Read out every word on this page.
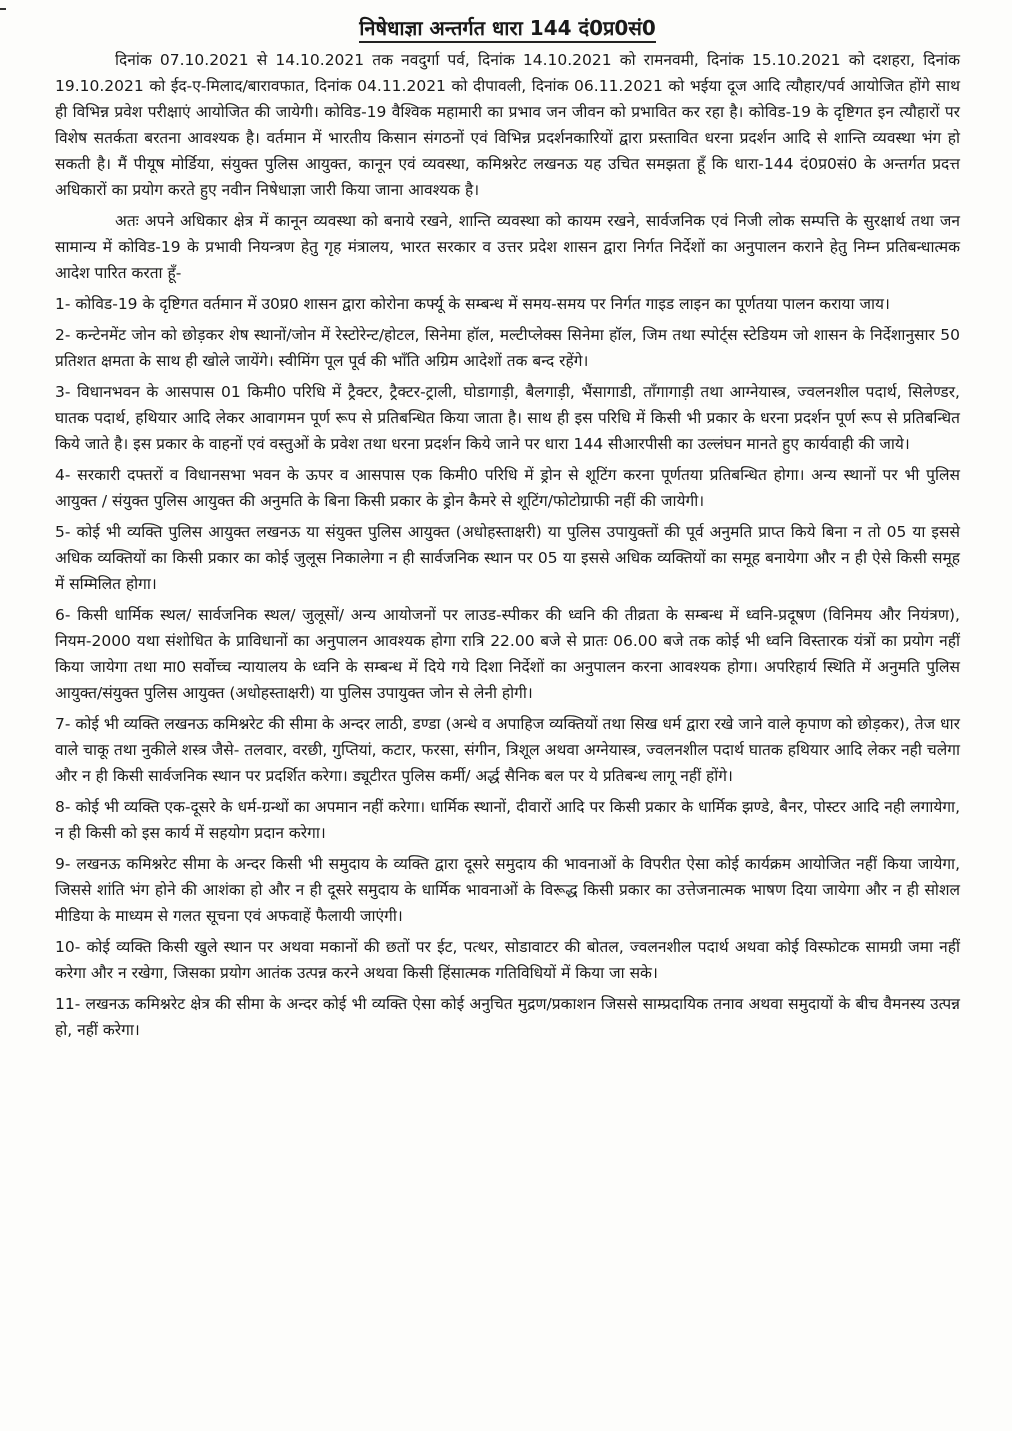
निषेधाज्ञा अन्तर्गत धारा 144 दं0प्र0सं0

दिनांक 07.10.2021 से 14.10.2021 तक नवदुर्गा पर्व, दिनांक 14.10.2021 को रामनवमी, दिनांक 15.10.2021 को दशहरा, दिनांक 19.10.2021 को ईद-ए-मिलाद/बारावफात, दिनांक 04.11.2021 को दीपावली, दिनांक 06.11.2021 को भईया दूज आदि त्यौहार/पर्व आयोजित होंगे साथ ही विभिन्न प्रवेश परीक्षाएं आयोजित की जायेगी। कोविड-19 वैश्विक महामारी का प्रभाव जन जीवन को प्रभावित कर रहा है। कोविड-19 के दृष्टिगत इन त्यौहारों पर विशेष सतर्कता बरतना आवश्यक है। वर्तमान में भारतीय किसान संगठनों एवं विभिन्न प्रदर्शनकारियों द्वारा प्रस्तावित धरना प्रदर्शन आदि से शान्ति व्यवस्था भंग हो सकती है। मैं पीयूष मोर्डिया, संयुक्त पुलिस आयुक्त, कानून एवं व्यवस्था, कमिश्नरेट लखनऊ यह उचित समझता हूँ कि धारा-144 दं0प्र0सं0 के अन्तर्गत प्रदत्त अधिकारों का प्रयोग करते हुए नवीन निषेधाज्ञा जारी किया जाना आवश्यक है।

अतः अपने अधिकार क्षेत्र में कानून व्यवस्था को बनाये रखने, शान्ति व्यवस्था को कायम रखने, सार्वजनिक एवं निजी लोक सम्पत्ति के सुरक्षार्थ तथा जन सामान्य में कोविड-19 के प्रभावी नियन्त्रण हेतु गृह मंत्रालय, भारत सरकार व उत्तर प्रदेश शासन द्वारा निर्गत निर्देशों का अनुपालन कराने हेतु निम्न प्रतिबन्धात्मक आदेश पारित करता हूँ-

1- कोविड-19 के दृष्टिगत वर्तमान में उ0प्र0 शासन द्वारा कोरोना कर्फ्यू के सम्बन्ध में समय-समय पर निर्गत गाइड लाइन का पूर्णतया पालन कराया जाय।

2- कन्टेनमेंट जोन को छोड़कर शेष स्थानों/जोन में रेस्टोरेन्ट/होटल, सिनेमा हॉल, मल्टीप्लेक्स सिनेमा हॉल, जिम तथा स्पोर्ट्स स्टेडियम जो शासन के निर्देशानुसार 50 प्रतिशत क्षमता के साथ ही खोले जायेंगे। स्वीमिंग पूल पूर्व की भाँति अग्रिम आदेशों तक बन्द रहेंगे।

3- विधानभवन के आसपास 01 किमी0 परिधि में ट्रैक्टर, ट्रैक्टर-ट्राली, घोडागाड़ी, बैलगाड़ी, भैंसागाडी, ताँगागाड़ी तथा आग्नेयास्त्र, ज्वलनशील पदार्थ, सिलेण्डर, घातक पदार्थ, हथियार आदि लेकर आवागमन पूर्ण रूप से प्रतिबन्धित किया जाता है। साथ ही इस परिधि में किसी भी प्रकार के धरना प्रदर्शन पूर्ण रूप से प्रतिबन्धित किये जाते है। इस प्रकार के वाहनों एवं वस्तुओं के प्रवेश तथा धरना प्रदर्शन किये जाने पर धारा 144 सीआरपीसी का उल्लंघन मानते हुए कार्यवाही की जाये।

4- सरकारी दफ्तरों व विधानसभा भवन के ऊपर व आसपास एक किमी0 परिधि में ड्रोन से शूटिंग करना पूर्णतया प्रतिबन्धित होगा। अन्य स्थानों पर भी पुलिस आयुक्त / संयुक्त पुलिस आयुक्त की अनुमति के बिना किसी प्रकार के ड्रोन कैमरे से शूटिंग/फोटोग्राफी नहीं की जायेगी।

5- कोई भी व्यक्ति पुलिस आयुक्त लखनऊ या संयुक्त पुलिस आयुक्त (अधोहस्ताक्षरी) या पुलिस उपायुक्तों की पूर्व अनुमति प्राप्त किये बिना न तो 05 या इससे अधिक व्यक्तियों का किसी प्रकार का कोई जुलूस निकालेगा न ही सार्वजनिक स्थान पर 05 या इससे अधिक व्यक्तियों का समूह बनायेगा और न ही ऐसे किसी समूह में सम्मिलित होगा।

6- किसी धार्मिक स्थल/ सार्वजनिक स्थल/ जुलूसों/ अन्य आयोजनों पर लाउड-स्पीकर की ध्वनि की तीव्रता के सम्बन्ध में ध्वनि-प्रदूषण (विनिमय और नियंत्रण), नियम-2000 यथा संशोधित के प्राविधानों का अनुपालन आवश्यक होगा रात्रि 22.00 बजे से प्रातः 06.00 बजे तक कोई भी ध्वनि विस्तारक यंत्रों का प्रयोग नहीं किया जायेगा तथा मा0 सर्वोच्च न्यायालय के ध्वनि के सम्बन्ध में दिये गये दिशा निर्देशों का अनुपालन करना आवश्यक होगा। अपरिहार्य स्थिति में अनुमति पुलिस आयुक्त/संयुक्त पुलिस आयुक्त (अधोहस्ताक्षरी) या पुलिस उपायुक्त जोन से लेनी होगी।

7- कोई भी व्यक्ति लखनऊ कमिश्नरेट की सीमा के अन्दर लाठी, डण्डा (अन्धे व अपाहिज व्यक्तियों तथा सिख धर्म द्वारा रखे जाने वाले कृपाण को छोड़कर), तेज धार वाले चाकू तथा नुकीले शस्त्र जैसे- तलवार, वरछी, गुप्तियां, कटार, फरसा, संगीन, त्रिशूल अथवा अग्नेयास्त्र, ज्वलनशील पदार्थ घातक हथियार आदि लेकर नही चलेगा और न ही किसी सार्वजनिक स्थान पर प्रदर्शित करेगा। ड्यूटीरत पुलिस कर्मी/ अर्द्ध सैनिक बल पर ये प्रतिबन्ध लागू नहीं होंगे।

8- कोई भी व्यक्ति एक-दूसरे के धर्म-ग्रन्थों का अपमान नहीं करेगा। धार्मिक स्थानों, दीवारों आदि पर किसी प्रकार के धार्मिक झण्डे, बैनर, पोस्टर आदि नही लगायेगा, न ही किसी को इस कार्य में सहयोग प्रदान करेगा।

9- लखनऊ कमिश्नरेट सीमा के अन्दर किसी भी समुदाय के व्यक्ति द्वारा दूसरे समुदाय की भावनाओं के विपरीत ऐसा कोई कार्यक्रम आयोजित नहीं किया जायेगा, जिससे शांति भंग होने की आशंका हो और न ही दूसरे समुदाय के धार्मिक भावनाओं के विरूद्ध किसी प्रकार का उत्तेजनात्मक भाषण दिया जायेगा और न ही सोशल मीडिया के माध्यम से गलत सूचना एवं अफवाहें फैलायी जाएंगी।

10- कोई व्यक्ति किसी खुले स्थान पर अथवा मकानों की छतों पर ईट, पत्थर, सोडावाटर की बोतल, ज्वलनशील पदार्थ अथवा कोई विस्फोटक सामग्री जमा नहीं करेगा और न रखेगा, जिसका प्रयोग आतंक उत्पन्न करने अथवा किसी हिंसात्मक गतिविधियों में किया जा सके।

11- लखनऊ कमिश्नरेट क्षेत्र की सीमा के अन्दर कोई भी व्यक्ति ऐसा कोई अनुचित मुद्रण/प्रकाशन जिससे साम्प्रदायिक तनाव अथवा समुदायों के बीच वैमनस्य उत्पन्न हो, नहीं करेगा।
